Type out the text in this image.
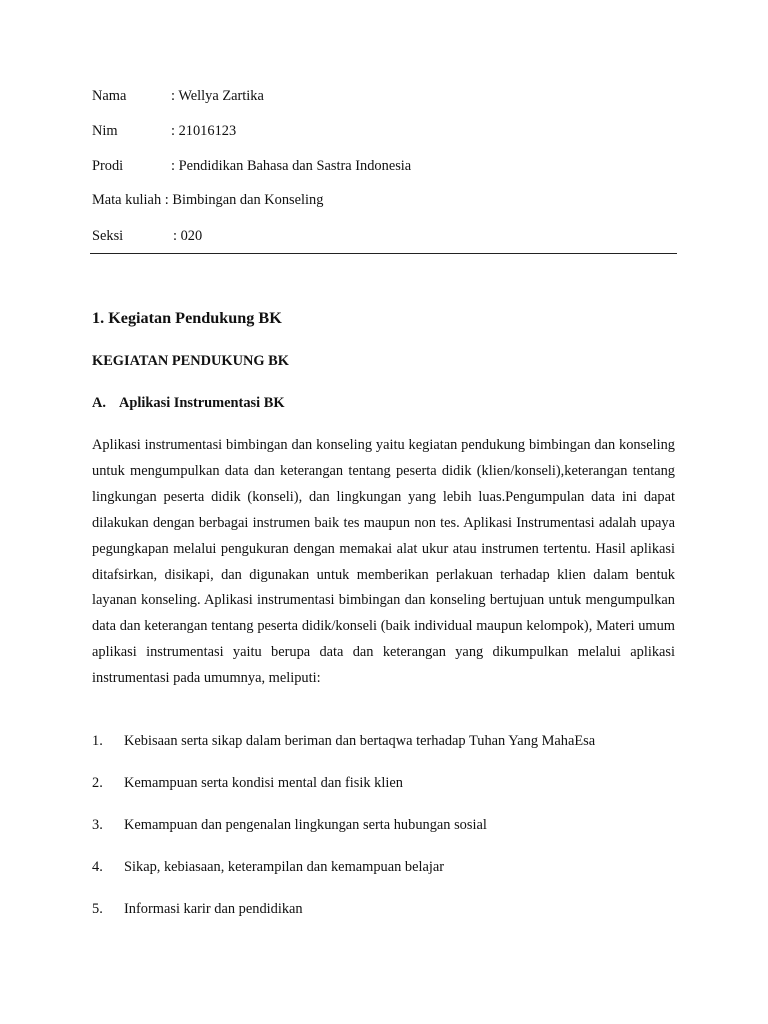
Nama	: Wellya Zartika
Nim	: 21016123
Prodi	: Pendidikan Bahasa dan Sastra Indonesia
Mata kuliah : Bimbingan dan Konseling
Seksi	: 020
1. Kegiatan Pendukung BK
KEGIATAN PENDUKUNG BK
A. Aplikasi Instrumentasi BK

Aplikasi instrumentasi bimbingan dan konseling yaitu kegiatan pendukung bimbingan dan konseling untuk mengumpulkan data dan keterangan tentang peserta didik (klien/konseli),keterangan tentang lingkungan peserta didik (konseli), dan lingkungan yang lebih luas.Pengumpulan data ini dapat dilakukan dengan berbagai instrumen baik tes maupun non tes. Aplikasi Instrumentasi adalah upaya pegungkapan melalui pengukuran dengan memakai alat ukur atau instrumen tertentu. Hasil aplikasi ditafsirkan, disikapi, dan digunakan untuk memberikan perlakuan terhadap klien dalam bentuk layanan konseling. Aplikasi instrumentasi bimbingan dan konseling bertujuan untuk mengumpulkan data dan keterangan tentang peserta didik/konseli (baik individual maupun kelompok), Materi umum aplikasi instrumentasi yaitu berupa data dan keterangan yang dikumpulkan melalui aplikasi instrumentasi pada umumnya, meliputi:

1. Kebisaan serta sikap dalam beriman dan bertaqwa terhadap Tuhan Yang MahaEsa
2. Kemampuan serta kondisi mental dan fisik klien
3. Kemampuan dan pengenalan lingkungan serta hubungan sosial
4. Sikap, kebiasaan, keterampilan dan kemampuan belajar
5. Informasi karir dan pendidikan
